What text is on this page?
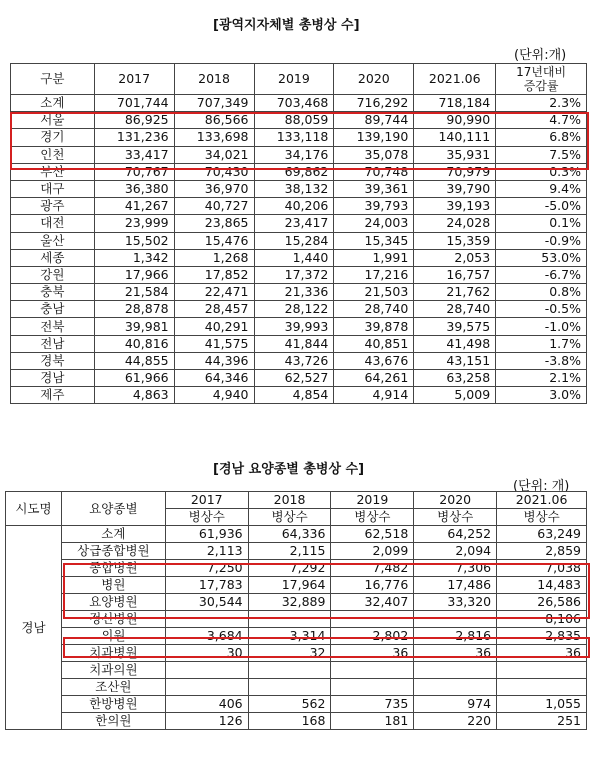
[광역지자체별 총병상 수]
(단위:개)
구분	2017	2018	2019	2020	2021.06	17년대비
증감률
소계	701,744	707,349	703,468	716,292	718,184	2.3%
서울	86,925	86,566	88,059	89,744	90,990	4.7%
경기	131,236	133,698	133,118	139,190	140,111	6.8%
인천	33,417	34,021	34,176	35,078	35,931	7.5%
부산	70,767	70,430	69,862	70,748	70,979	0.3%
대구	36,380	36,970	38,132	39,361	39,790	9.4%
광주	41,267	40,727	40,206	39,793	39,193	-5.0%
대전	23,999	23,865	23,417	24,003	24,028	0.1%
울산	15,502	15,476	15,284	15,345	15,359	-0.9%
세종	1,342	1,268	1,440	1,991	2,053	53.0%
강원	17,966	17,852	17,372	17,216	16,757	-6.7%
충북	21,584	22,471	21,336	21,503	21,762	0.8%
충남	28,878	28,457	28,122	28,740	28,740	-0.5%
전북	39,981	40,291	39,993	39,878	39,575	-1.0%
전남	40,816	41,575	41,844	40,851	41,498	1.7%
경북	44,855	44,396	43,726	43,676	43,151	-3.8%
경남	61,966	64,346	62,527	64,261	63,258	2.1%
제주	4,863	4,940	4,854	4,914	5,009	3.0%
[경남 요양종별 총병상 수]
(단위: 개)
시도명	요양종별	2017	2018	2019	2020	2021.06
		병상수	병상수	병상수	병상수	병상수
경남	소계	61,936	64,336	62,518	64,252	63,249
	상급종합병원	2,113	2,115	2,099	2,094	2,859
	종합병원	7,250	7,292	7,482	7,306	7,038
	병원	17,783	17,964	16,776	17,486	14,483
	요양병원	30,544	32,889	32,407	33,320	26,586
	정신병원					8,106
	의원	3,684	3,314	2,802	2,816	2,835
	치과병원	30	32	36	36	36
	치과의원					
	조산원					
	한방병원	406	562	735	974	1,055
	한의원	126	168	181	220	251
